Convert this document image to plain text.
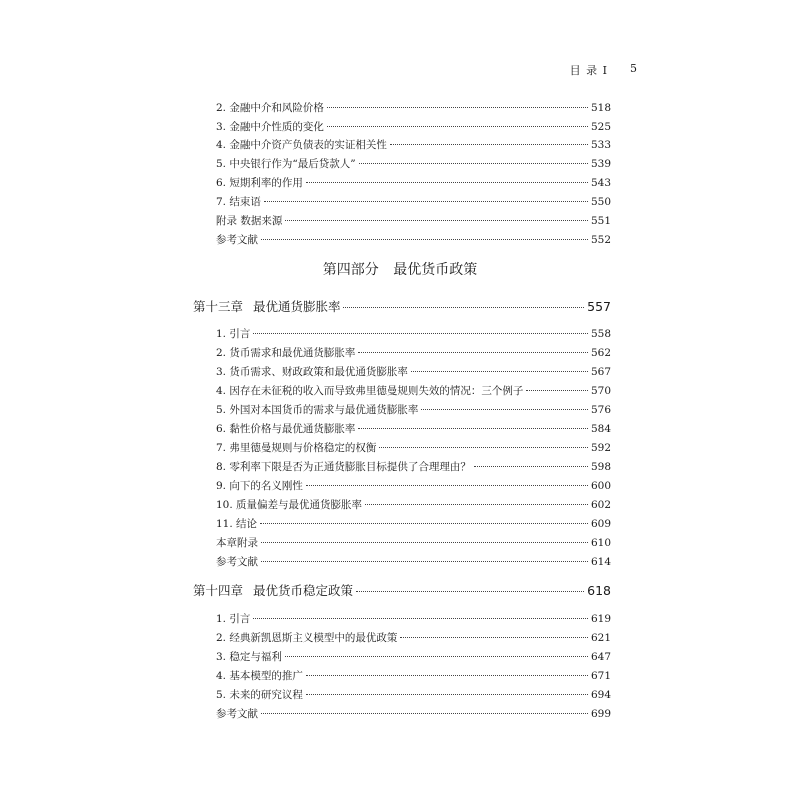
目 录 I 5
2. 金融中介和风险价格	518
3. 金融中介性质的变化	525
4. 金融中介资产负债表的实证相关性	533
5. 中央银行作为“最后贷款人”	539
6. 短期利率的作用	543
7. 结束语	550
附录 数据来源	551
参考文献	552
第四部分 最优货币政策
第十三章 最优通货膨胀率	557
1. 引言	558
2. 货币需求和最优通货膨胀率	562
3. 货币需求、财政政策和最优通货膨胀率	567
4. 因存在未征税的收入而导致弗里德曼规则失效的情况：三个例子	570
5. 外国对本国货币的需求与最优通货膨胀率	576
6. 黏性价格与最优通货膨胀率	584
7. 弗里德曼规则与价格稳定的权衡	592
8. 零利率下限是否为正通货膨胀目标提供了合理理由？	598
9. 向下的名义刚性	600
10. 质量偏差与最优通货膨胀率	602
11. 结论	609
本章附录	610
参考文献	614
第十四章 最优货币稳定政策	618
1. 引言	619
2. 经典新凯恩斯主义模型中的最优政策	621
3. 稳定与福利	647
4. 基本模型的推广	671
5. 未来的研究议程	694
参考文献	699
